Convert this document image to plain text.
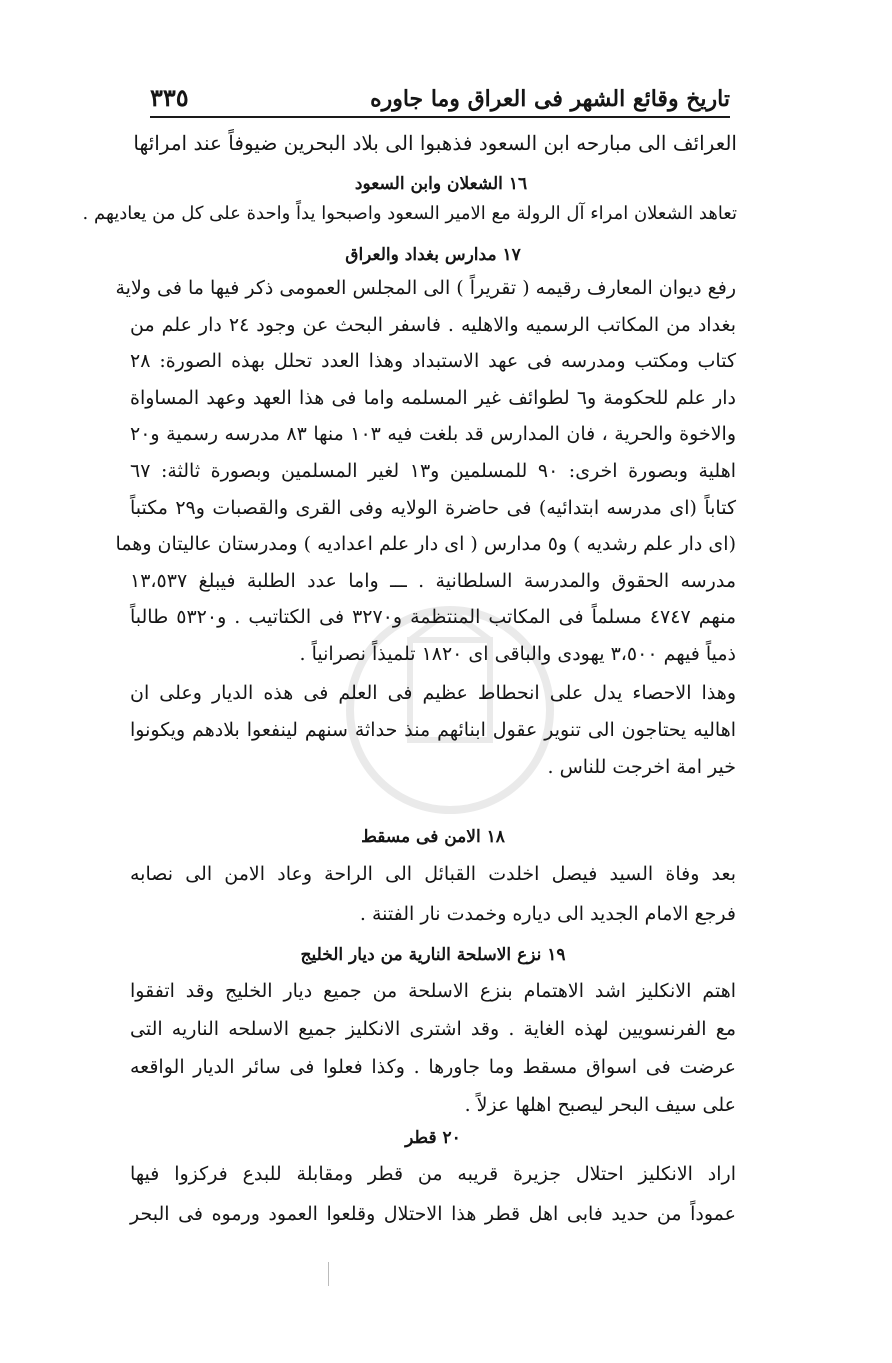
تاريخ وقائع الشهر فى العراق وما جاوره
٣٣٥
العرائف الى مبارحه ابن السعود فذهبوا الى بلاد البحرين ضيوفاً عند امرائها
١٦ الشعلان وابن السعود
تعاهد الشعلان امراء آل الرولة مع الامير السعود واصبحوا يداً واحدة على كل من يعاديهم .
١٧ مدارس بغداد والعراق
رفع ديوان المعارف رقيمه ( تقريراً ) الى المجلس العمومى ذكر فيها ما فى ولاية
بغداد من المكاتب الرسميه والاهليه . فاسفر البحث عن وجود ٢٤ دار علم من
كتاب ومكتب ومدرسه فى عهد الاستبداد وهذا العدد تحلل بهذه الصورة: ٢٨
دار علم للحكومة و٦ لطوائف غير المسلمه واما فى هذا العهد وعهد المساواة
والاخوة والحرية ، فان المدارس قد بلغت فيه ١٠٣ منها ٨٣ مدرسه رسمية و٢٠
اهلية وبصورة اخرى: ٩٠ للمسلمين و١٣ لغير المسلمين وبصورة ثالثة: ٦٧
كتاباً (اى مدرسه ابتدائيه) فى حاضرة الولايه وفى القرى والقصبات و٢٩ مكتباً
(اى دار علم رشديه ) و٥ مدارس ( اى دار علم اعداديه ) ومدرستان عاليتان وهما
مدرسه الحقوق والمدرسة السلطانية . ـــ واما عدد الطلبة فيبلغ ١٣،٥٣٧
منهم ٤٧٤٧ مسلماً فى المكاتب المنتظمة و٣٢٧٠ فى الكتاتيب . و٥٣٢٠ طالباً
ذمياً فيهم ٣،٥٠٠ يهودى والباقى اى ١٨٢٠ تلميذاً نصرانياً .
وهذا الاحصاء يدل على انحطاط عظيم فى العلم فى هذه الديار وعلى ان
اهاليه يحتاجون الى تنوير عقول ابنائهم منذ حداثة سنهم لينفعوا بلادهم ويكونوا
خير امة اخرجت للناس .
١٨ الامن فى مسقط
بعد وفاة السيد فيصل اخلدت القبائل الى الراحة وعاد الامن الى نصابه
فرجع الامام الجديد الى دياره وخمدت نار الفتنة .
١٩ نزع الاسلحة النارية من ديار الخليج
اهتم الانكليز اشد الاهتمام بنزع الاسلحة من جميع ديار الخليج وقد اتفقوا
مع الفرنسويين لهذه الغاية . وقد اشترى الانكليز جميع الاسلحه الناريه التى
عرضت فى اسواق مسقط وما جاورها . وكذا فعلوا فى سائر الديار الواقعه
على سيف البحر ليصبح اهلها عزلاً .
٢٠ قطر
اراد الانكليز احتلال جزيرة قريبه من قطر ومقابلة للبدع فركزوا فيها
عموداً من حديد فابى اهل قطر هذا الاحتلال وقلعوا العمود ورموه فى البحر
